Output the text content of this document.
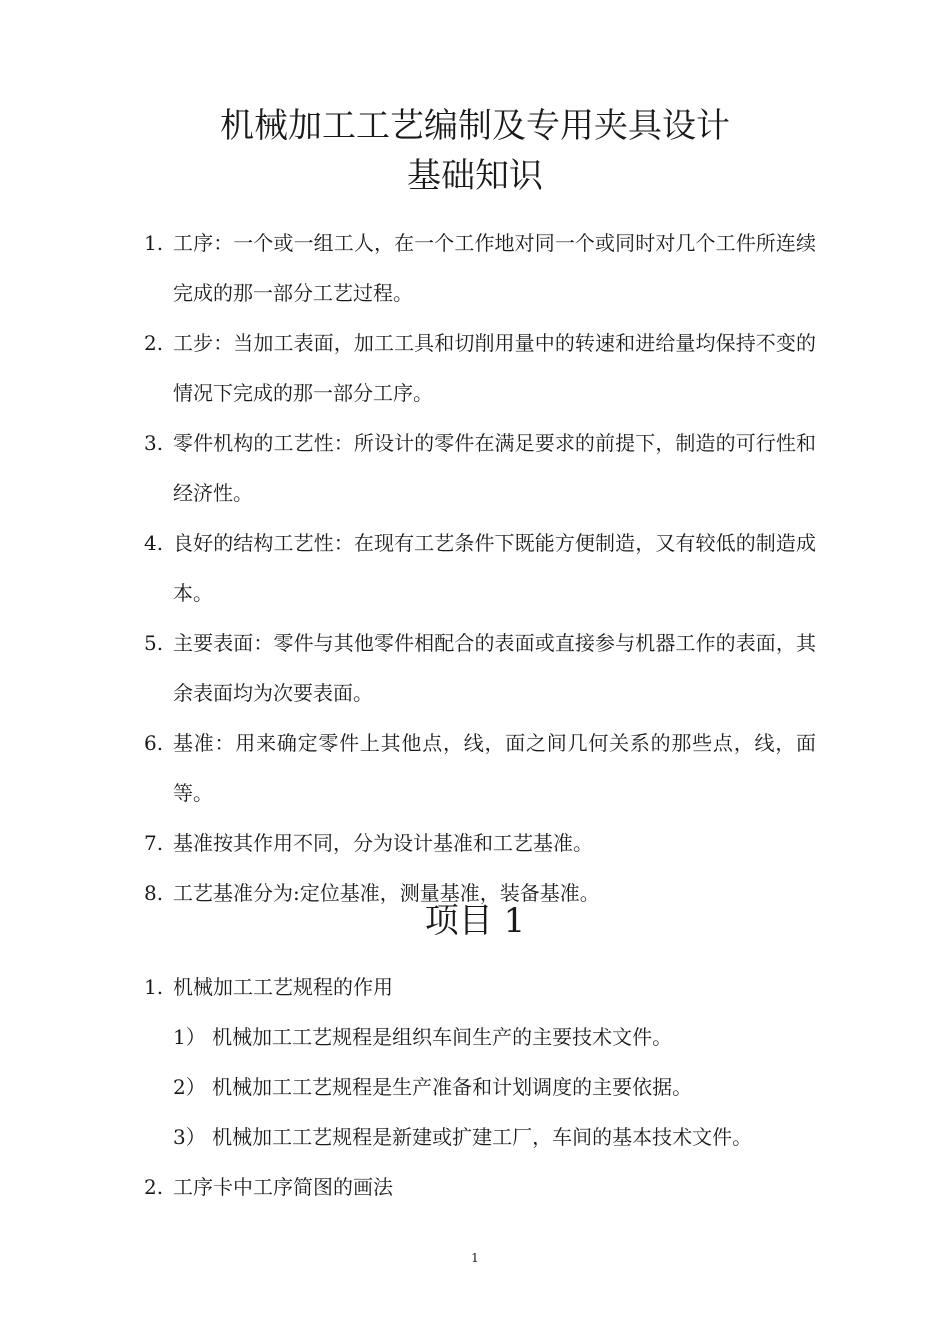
机械加工工艺编制及专用夹具设计
基础知识
1. 工序：一个或一组工人，在一个工作地对同一个或同时对几个工件所连续完成的那一部分工艺过程。
2. 工步：当加工表面，加工工具和切削用量中的转速和进给量均保持不变的情况下完成的那一部分工序。
3. 零件机构的工艺性：所设计的零件在满足要求的前提下，制造的可行性和经济性。
4. 良好的结构工艺性：在现有工艺条件下既能方便制造，又有较低的制造成本。
5. 主要表面：零件与其他零件相配合的表面或直接参与机器工作的表面，其余表面均为次要表面。
6. 基准：用来确定零件上其他点，线，面之间几何关系的那些点，线，面等。
7. 基准按其作用不同，分为设计基准和工艺基准。
8. 工艺基准分为:定位基准，测量基准，装备基准。
项目 1
1. 机械加工工艺规程的作用
1） 机械加工工艺规程是组织车间生产的主要技术文件。
2） 机械加工工艺规程是生产准备和计划调度的主要依据。
3） 机械加工工艺规程是新建或扩建工厂，车间的基本技术文件。
2. 工序卡中工序简图的画法
1
